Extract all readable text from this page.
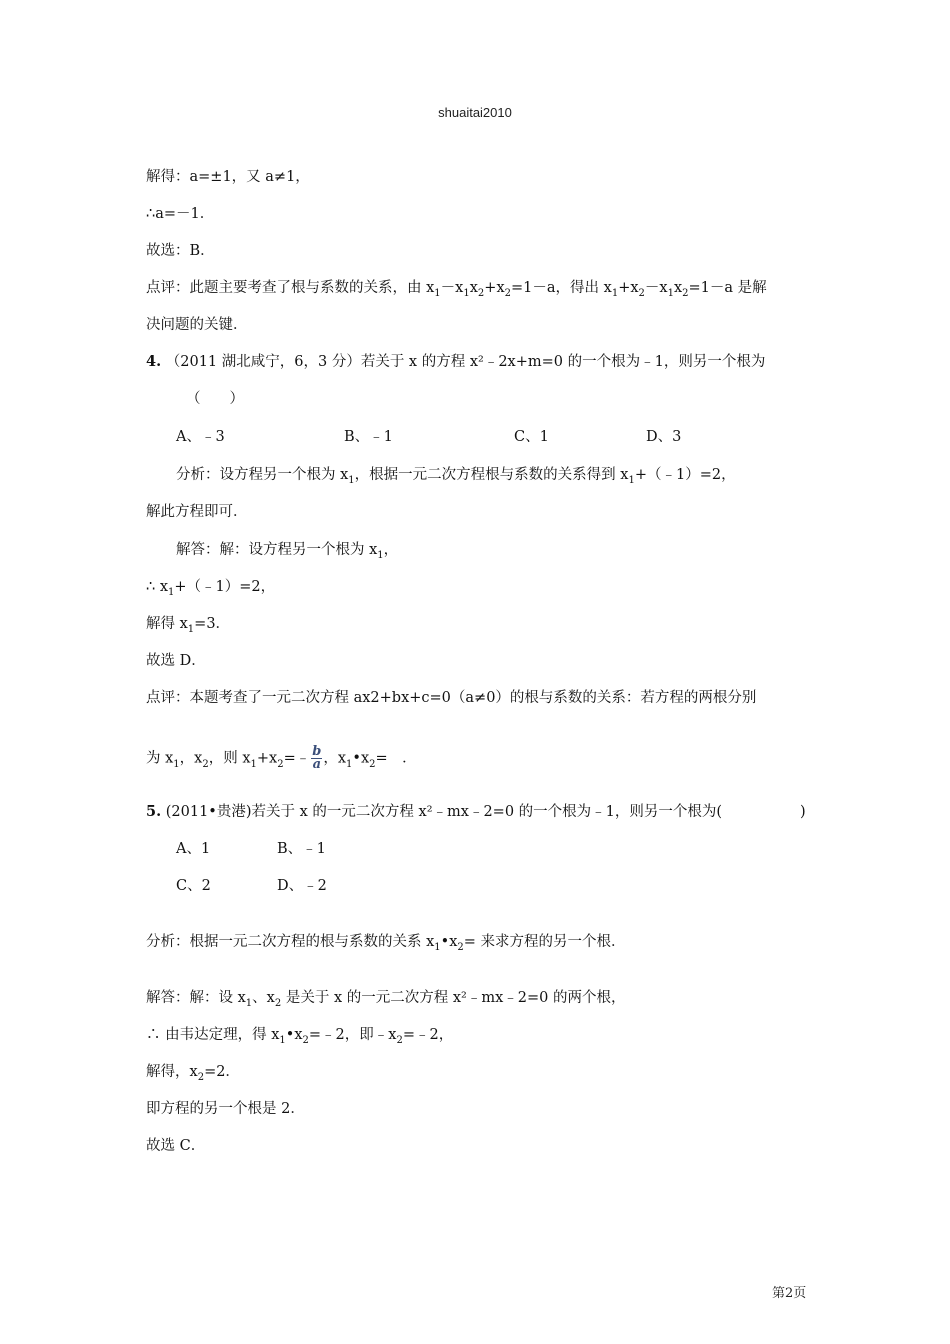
shuaitai2010
解得：a=±1，又 a≠1，
∴a=－1．
故选：B．
点评：此题主要考查了根与系数的关系，由 $x_1-x_1x_2+x_2=1-a$，得出 $x_1+x_2-x_1x_2=1-a$ 是解
决问题的关键．
4. （2011 湖北咸宁，6，3 分）若关于 x 的方程 x²﹣2x+m=0 的一个根为﹣1，则另一个根为
（　　）
A、﹣3	B、﹣1	C、1	D、3
分析：设方程另一个根为 $x_1$，根据一元二次方程根与系数的关系得到 $x_1+(﹣1)=2$，
解此方程即可．
解答：解：设方程另一个根为 $x_1$，
∴ $x_1+(﹣1)=2$，
解得 $x_1=3$．
故选 D．
点评：本题考查了一元二次方程 ax2+bx+c=0（a≠0）的根与系数的关系：若方程的两根分别
为 $x_1$，$x_2$，则 $x_1+x_2=﹣ \frac{b}{a}$ ，$x_1•x_2=$　．
5. (2011•贵港)若关于 x 的一元二次方程 x²﹣mx﹣2=0 的一个根为﹣1，则另一个根为(	)
A、1	B、﹣1
C、2	D、﹣2
分析：根据一元二次方程的根与系数的关系 $x_1•x_2=$ 来求方程的另一个根．
解答：解：设 $x_1$、$x_2$ 是关于 x 的一元二次方程 x²﹣mx﹣2=0 的两个根，
∴ 由韦达定理，得 $x_1•x_2=﹣2$，即$﹣x_2=﹣2$，
解得，$x_2=2$．
即方程的另一个根是 2．
故选 C．
第2页
